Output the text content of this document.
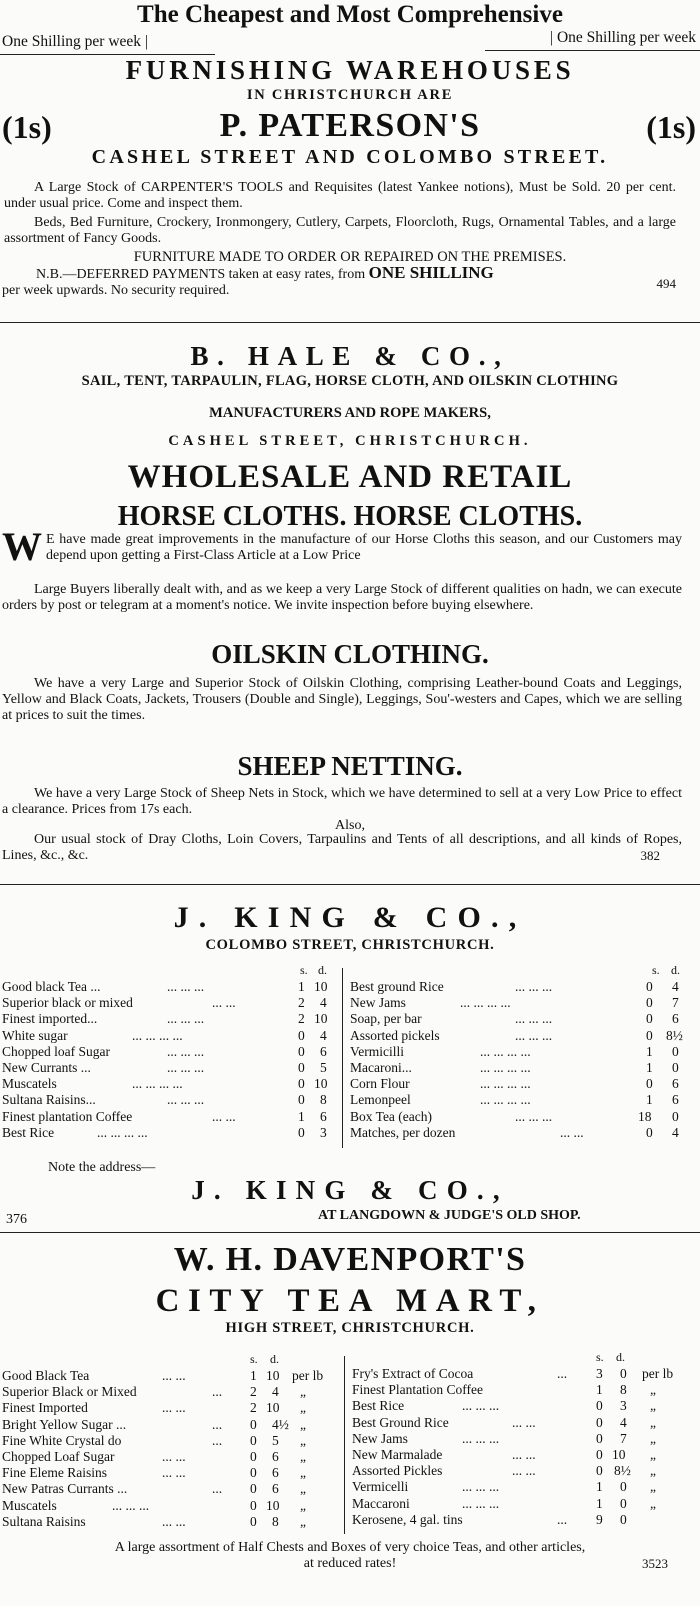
The Cheapest and Most Comprehensive
One Shilling per week |	| One Shilling per week
FURNISHING WAREHOUSES
IN CHRISTCHURCH ARE
(1s)	P. PATERSON'S	(1s)
CASHEL STREET AND COLOMBO STREET.

A Large Stock of CARPENTER'S TOOLS and Requisites (latest Yankee notions), Must be Sold. 20 per cent. under usual price. Come and inspect them.

Beds, Bed Furniture, Crockery, Ironmongery, Cutlery, Carpets, Floorcloth, Rugs, Ornamental Tables, and a large assortment of Fancy Goods.

FURNITURE MADE TO ORDER OR REPAIRED ON THE PREMISES.
N.B.—DEFERRED PAYMENTS taken at easy rates, from ONE SHILLING
per week upwards. No security required.	494
B. HALE & CO.,
SAIL, TENT, TARPAULIN, FLAG, HORSE CLOTH, AND OILSKIN CLOTHING
MANUFACTURERS AND ROPE MAKERS,
CASHEL STREET, CHRISTCHURCH.
WHOLESALE AND RETAIL
HORSE CLOTHS. HORSE CLOTHS.

W E have made great improvements in the manufacture of our Horse Cloths this season, and our Customers may depend upon getting a First-Class Article at a Low Price

Large Buyers liberally dealt with, and as we keep a very Large Stock of different qualities on hadn, we can execute orders by post or telegram at a moment's notice. We invite inspection before buying elsewhere.

OILSKIN CLOTHING.

We have a very Large and Superior Stock of Oilskin Clothing, comprising Leather-bound Coats and Leggings, Yellow and Black Coats, Jackets, Trousers (Double and Single), Leggings, Sou'-westers and Capes, which we are selling at prices to suit the times.

SHEEP NETTING.

We have a very Large Stock of Sheep Nets in Stock, which we have determined to sell at a very Low Price to effect a clearance. Prices from 17s each.

Also,

Our usual stock of Dray Cloths, Loin Covers, Tarpaulins and Tents of all descriptions, and all kinds of Ropes, Lines, &c., &c.	382
J. KING & CO.,
COLOMBO STREET, CHRISTCHURCH.
s. d.	s. d.
Good black Tea ...	... ... ...	1 10
Superior black or mixed	... ...	2 4
Finest imported...	... ... ...	2 10
White sugar	... ... ... ...	0 4
Chopped loaf Sugar	... ... ...	0 6
New Currants ...	... ... ...	0 5
Muscatels	... ... ... ...	0 10
Sultana Raisins...	... ... ...	0 8
Finest plantation Coffee	... ...	1 6
Best Rice	... ... ... ...	0 3
Best ground Rice	... ... ...	0 4
New Jams	... ... ... ...	0 7
Soap, per bar	... ... ...	0 6
Assorted pickels	... ... ...	0 8½
Vermicilli	... ... ... ...	1 0
Macaroni...	... ... ... ...	1 0
Corn Flour	... ... ... ...	0 6
Lemonpeel	... ... ... ...	1 6
Box Tea (each)	... ... ...	18 0
Matches, per dozen	... ...	0 4
Note the address—
J. KING & CO.,
376	AT LANGDOWN & JUDGE'S OLD SHOP.
W. H. DAVENPORT'S
CITY TEA MART,
HIGH STREET, CHRISTCHURCH.
s. d.	s. d.
Good Black Tea	... ...	1 10 per lb
Superior Black or Mixed	... 2 4 „
Finest Imported	... ...	2 10 „
Bright Yellow Sugar ...	... 0 4½ „
Fine White Crystal do	... 0 5 „
Chopped Loaf Sugar	... ...	0 6 „
Fine Eleme Raisins	... ...	0 6 „
New Patras Currants ...	... 0 6 „
Muscatels	... ... ...	0 10 „
Sultana Raisins	... ...	0 8 „
Fry's Extract of Cocoa	... 3 0 per lb
Finest Plantation Coffee	1 8 „
Best Rice	... ... ...	0 3 „
Best Ground Rice	... ...	0 4 „
New Jams	... ... ...	0 7 „
New Marmalade	... ...	0 10 „
Assorted Pickles	... ...	0 8½ „
Vermicelli	... ... ...	1 0 „
Maccaroni	... ... ...	1 0 „
Kerosene, 4 gal. tins	... 9 0
A large assortment of Half Chests and Boxes of very choice Teas, and other articles,
at reduced rates!	3523
